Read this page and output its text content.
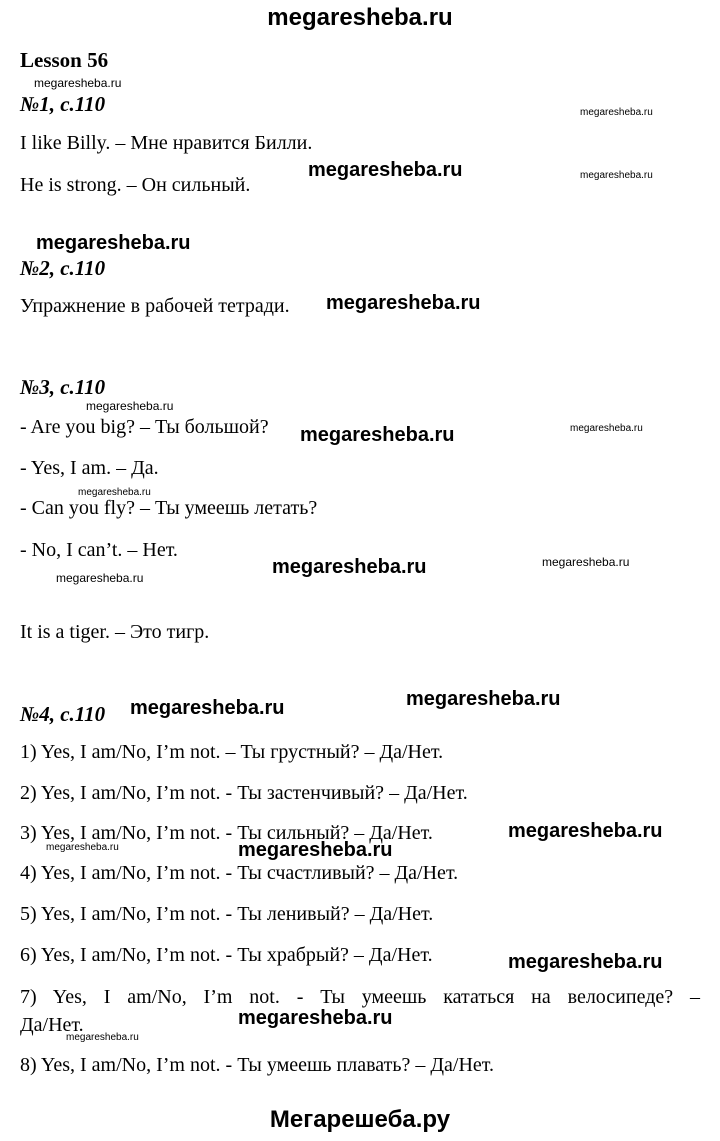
megaresheba.ru
Lesson 56
№1, с.110
I like Billy. – Мне нравится Билли.
He is strong. – Он сильный.
№2, с.110
Упражнение в рабочей тетради.
№3, с.110
- Are you big? – Ты большой?
- Yes, I am. – Да.
- Can you fly? – Ты умеешь летать?
- No, I can’t. – Нет.
It is a tiger. – Это тигр.
№4, с.110
1) Yes, I am/No, I’m not. – Ты грустный? – Да/Нет.
2) Yes, I am/No, I’m not. - Ты застенчивый? – Да/Нет.
3) Yes, I am/No, I’m not. - Ты сильный? – Да/Нет.
4) Yes, I am/No, I’m not. - Ты счастливый? – Да/Нет.
5) Yes, I am/No, I’m not. - Ты ленивый? – Да/Нет.
6) Yes, I am/No, I’m not. - Ты храбрый? – Да/Нет.
7) Yes, I am/No, I’m not. - Ты умеешь кататься на велосипеде? –
Да/Нет.
8) Yes, I am/No, I’m not. - Ты умеешь плавать? – Да/Нет.
megaresheba.ru
megaresheba.ru
megaresheba.ru	megaresheba.ru
megaresheba.ru
megaresheba.ru
megaresheba.ru
megaresheba.ru	megaresheba.ru
megaresheba.ru
megaresheba.ru	megaresheba.ru
megaresheba.ru
megaresheba.ru
megaresheba.ru
megaresheba.ru
megaresheba.ru	megaresheba.ru
megaresheba.ru
megaresheba.ru
megaresheba.ru
Мегарешеба.ру
